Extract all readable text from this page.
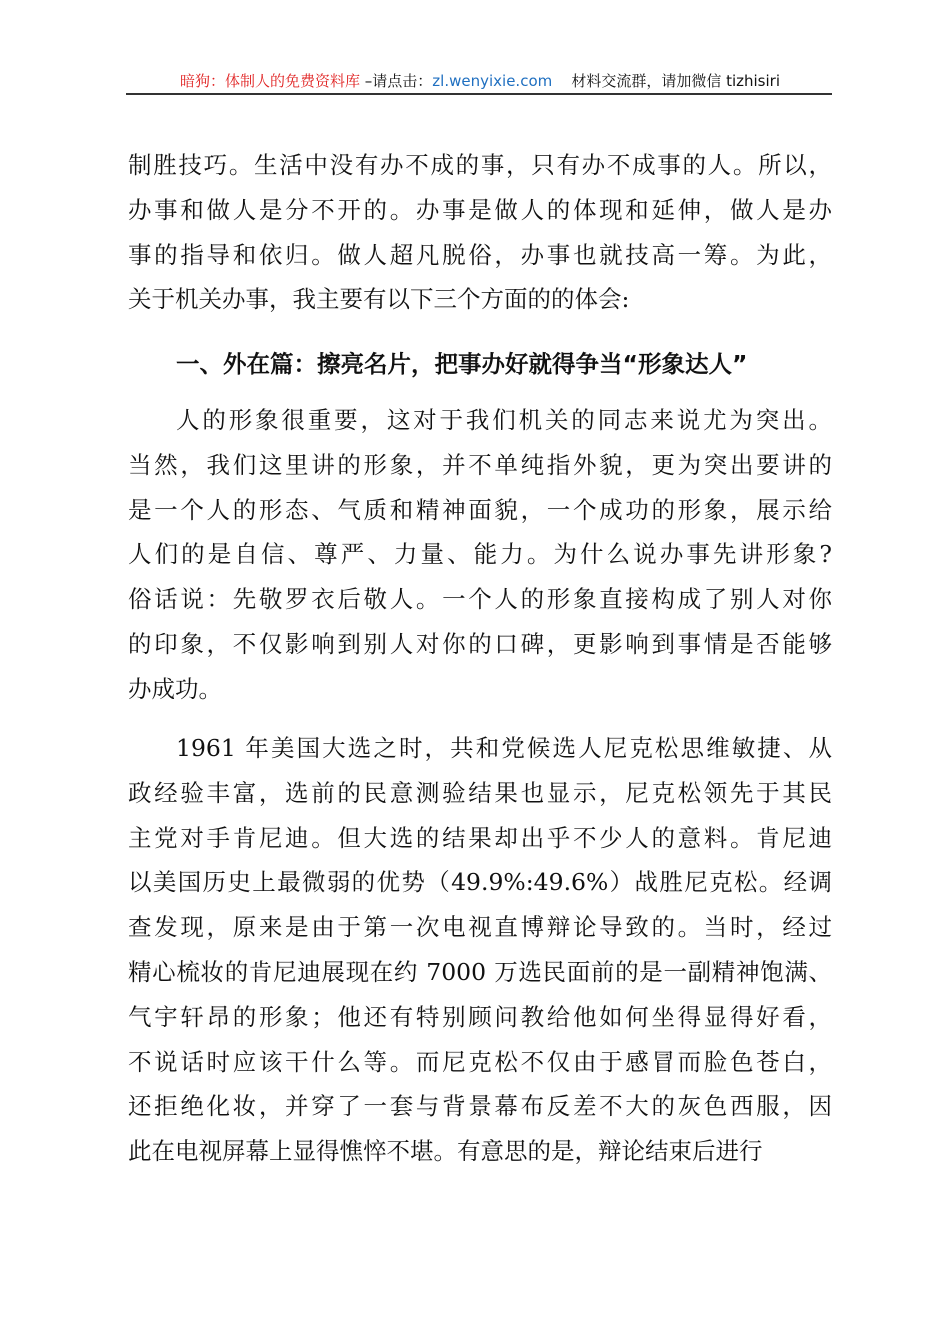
暗狗：体制人的免费资料库 –请点击：zl.wenyixie.com 材料交流群，请加微信 tizhisiri
制胜技巧。生活中没有办不成的事，只有办不成事的人。所以，
办事和做人是分不开的。办事是做人的体现和延伸，做人是办
事的指导和依归。做人超凡脱俗，办事也就技高一筹。为此，
关于机关办事，我主要有以下三个方面的的体会:
一、外在篇：擦亮名片，把事办好就得争当“形象达人”
人的形象很重要，这对于我们机关的同志来说尤为突出。
当然，我们这里讲的形象，并不单纯指外貌，更为突出要讲的
是一个人的形态、气质和精神面貌，一个成功的形象，展示给
人们的是自信、尊严、力量、能力。为什么说办事先讲形象?
俗话说：先敬罗衣后敬人。一个人的形象直接构成了别人对你
的印象，不仅影响到别人对你的口碑，更影响到事情是否能够
办成功。
1961 年美国大选之时，共和党候选人尼克松思维敏捷、从
政经验丰富，选前的民意测验结果也显示，尼克松领先于其民
主党对手肯尼迪。但大选的结果却出乎不少人的意料。肯尼迪
以美国历史上最微弱的优势（49.9%:49.6%）战胜尼克松。经调
查发现，原来是由于第一次电视直博辩论导致的。当时，经过
精心梳妆的肯尼迪展现在约 7000 万选民面前的是一副精神饱满、
气宇轩昂的形象；他还有特别顾问教给他如何坐得显得好看，
不说话时应该干什么等。而尼克松不仅由于感冒而脸色苍白，
还拒绝化妆，并穿了一套与背景幕布反差不大的灰色西服，因
此在电视屏幕上显得憔悴不堪。有意思的是，辩论结束后进行
